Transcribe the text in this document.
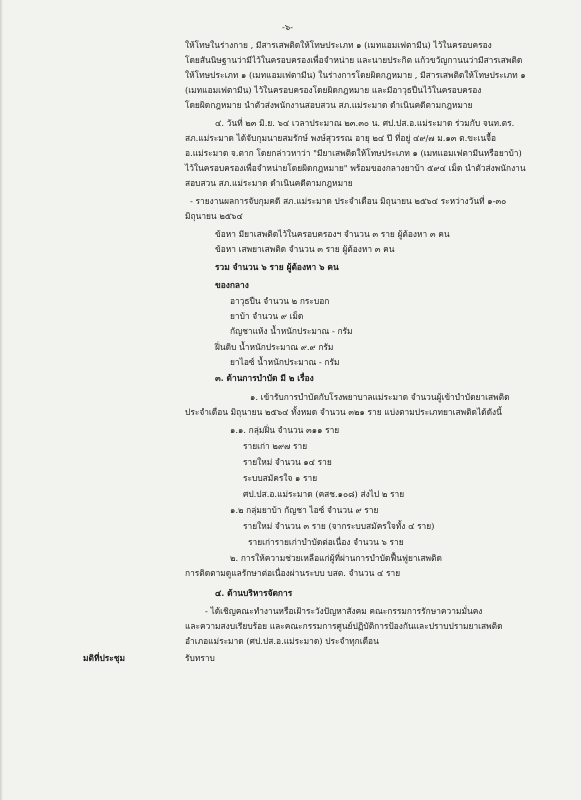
-๖-
ให้โทษในร่างกาย , มีสารเสพติดให้โทษประเภท ๑ (เมทแอมเฟตามีน) ไว้ในครอบครอง
โดยสันนิษฐานว่ามีไว้ในครอบครองเพื่อจำหน่าย และนายประกิต แก้วขวัญกานนว่ามีสารเสพติด
ให้โทษประเภท ๑ (เมทแอมเฟตามีน) ในร่างการโดยผิดกฎหมาย , มีสารเสพติดให้โทษประเภท ๑
(เมทแอมเฟตามีน) ไว้ในครอบครองโดยผิดกฎหมาย และมีอาวุธปืนไว้ในครอบครอง
โดยผิดกฎหมาย นำตัวส่งพนักงานสอบสวน สภ.แม่ระมาด ดำเนินคดีตามกฎหมาย
๔. วันที่ ๒๓ มิ.ย. ๖๔ เวลาประมาณ ๒๓.๓๐ น. ศป.ปส.อ.แม่ระมาด ร่วมกับ จนท.ตร.
สภ.แม่ระมาด ได้จับกุมนายสมรักษ์ พงษ์สุวรรณ อายุ ๒๔ ปี ที่อยู่ ๔๙/๗ ม.๑๓ ต.ขะเนจื้อ
อ.แม่ระมาด จ.ตาก โดยกล่าวหาว่า "มียาเสพติดให้โทษประเภท ๑ (เมทแอมเฟตามีนหรือยาบ้า)
ไว้ในครอบครองเพื่อจำหน่ายโดยผิดกฎหมาย" พร้อมของกลางยาบ้า ๕๙๔ เม็ด นำตัวส่งพนักงาน
สอบสวน สภ.แม่ระมาด ดำเนินคดีตามกฎหมาย
- รายงานผลการจับกุมคดี สภ.แม่ระมาด ประจำเดือน มิถุนายน ๒๕๖๔ ระหว่างวันที่ ๑-๓๐
มิถุนายน ๒๕๖๔
ข้อหา มียาเสพติดไว้ในครอบครองฯ จำนวน ๓ ราย ผู้ต้องหา ๓ คน
ข้อหา เสพยาเสพติด จำนวน ๓ ราย ผู้ต้องหา ๓ คน
รวม จำนวน ๖ ราย ผู้ต้องหา ๖ คน
ของกลาง
อาวุธปืน จำนวน ๒ กระบอก
ยาบ้า จำนวน ๙ เม็ด
กัญชาแห้ง น้ำหนักประมาณ - กรัม
ฝิ่นดิบ น้ำหนักประมาณ ๙.๙ กรัม
ยาไอซ์ น้ำหนักประมาณ - กรัม
๓. ด้านการบำบัด มี ๒ เรื่อง
๑. เข้ารับการบำบัดกับโรงพยาบาลแม่ระมาด จำนวนผู้เข้าบำบัดยาเสพติด
ประจำเดือน มิถุนายน ๒๕๖๔ ทั้งหมด จำนวน ๓๒๑ ราย แบ่งตามประเภทยาเสพติดได้ดังนี้
๑.๑. กลุ่มฝิ่น จำนวน ๓๑๑ ราย
รายเก่า ๒๙๗ ราย
รายใหม่ จำนวน ๑๔ ราย
ระบบสมัครใจ ๑ ราย
ศป.ปส.อ.แม่ระมาด (คสช.๑๐๘) ส่งไป ๒ ราย
๑.๒ กลุ่มยาบ้า กัญชา ไอซ์ จำนวน ๙ ราย
รายใหม่ จำนวน ๓ ราย (จากระบบสมัครใจทั้ง ๔ ราย)
รายเก่ารายเก่าบำบัดต่อเนื่อง จำนวน ๖ ราย
๒. การให้ความช่วยเหลือแก่ผู้ที่ผ่านการบำบัดฟื้นฟูยาเสพติด
การติดตามดูแลรักษาต่อเนื่องผ่านระบบ บสต. จำนวน ๔ ราย
๔. ด้านบริหารจัดการ
- ได้เชิญคณะทำงานหรือเฝ้าระวังปัญหาสังคม คณะกรรมการรักษาความมั่นคง
และความสงบเรียบร้อย และคณะกรรมการศูนย์ปฏิบัติการป้องกันและปราบปรามยาเสพติด
อำเภอแม่ระมาด (ศป.ปส.อ.แม่ระมาด) ประจำทุกเดือน
มติที่ประชุม	รับทราบ
